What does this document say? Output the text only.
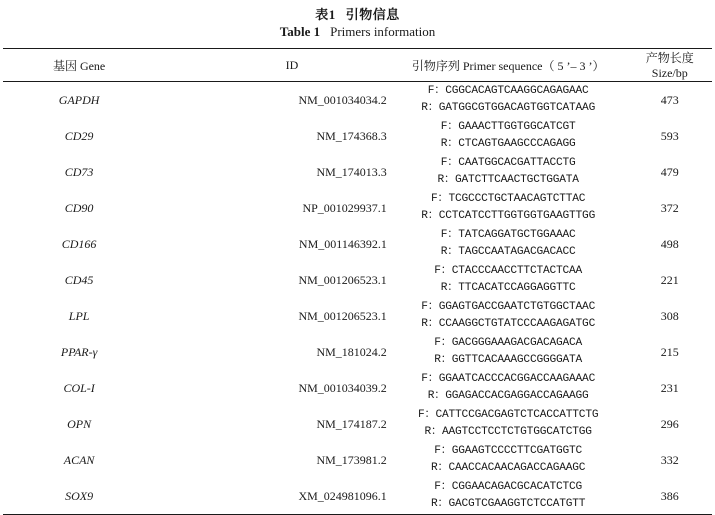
表1 引物信息
Table 1 Primers information
基因 Gene	ID	引物序列 Primer sequence（ 5 ’– 3 ’）	产物长度 Size/bp
GAPDH	NM_001034034.2	F：CGGCACAGTCAAGGCAGAGAAC
R：GATGGCGTGGACAGTGGTCATAAG	473
CD29	NM_174368.3	F：GAAACTTGGTGGCATCGT
R：CTCAGTGAAGCCCAGAGG	593
CD73	NM_174013.3	F：CAATGGCACGATTACCTG
R：GATCTTCAACTGCTGGATA	479
CD90	NP_001029937.1	F：TCGCCCTGCTAACAGTCTTAC
R：CCTCATCCTTGGTGGTGAAGTTGG	372
CD166	NM_001146392.1	F：TATCAGGATGCTGGAAAC
R：TAGCCAATAGACGACACC	498
CD45	NM_001206523.1	F：CTACCCAACCTTCTACTCAA
R：TTCACATCCAGGAGGTTC	221
LPL	NM_001206523.1	F：GGAGTGACCGAATCTGTGGCTAAC
R：CCAAGGCTGTATCCCAAGAGATGC	308
PPAR-γ	NM_181024.2	F：GACGGGAAAGACGACAGACA
R：GGTTCACAAAGCCGGGGATA	215
COL-I	NM_001034039.2	F：GGAATCACCCACGGACCAAGAAAC
R：GGAGACCACGAGGACCAGAAGG	231
OPN	NM_174187.2	F：CATTCCGACGAGTCTCACCATTCTG
R：AAGTCCTCCTCTGTGGCATCTGG	296
ACAN	NM_173981.2	F：GGAAGTCCCCTTCGATGGTC
R：CAACCACAACAGACCAGAAGC	332
SOX9	XM_024981096.1	F：CGGAACAGACGCACATCTCG
R：GACGTCGAAGGTCTCCATGTT	386
